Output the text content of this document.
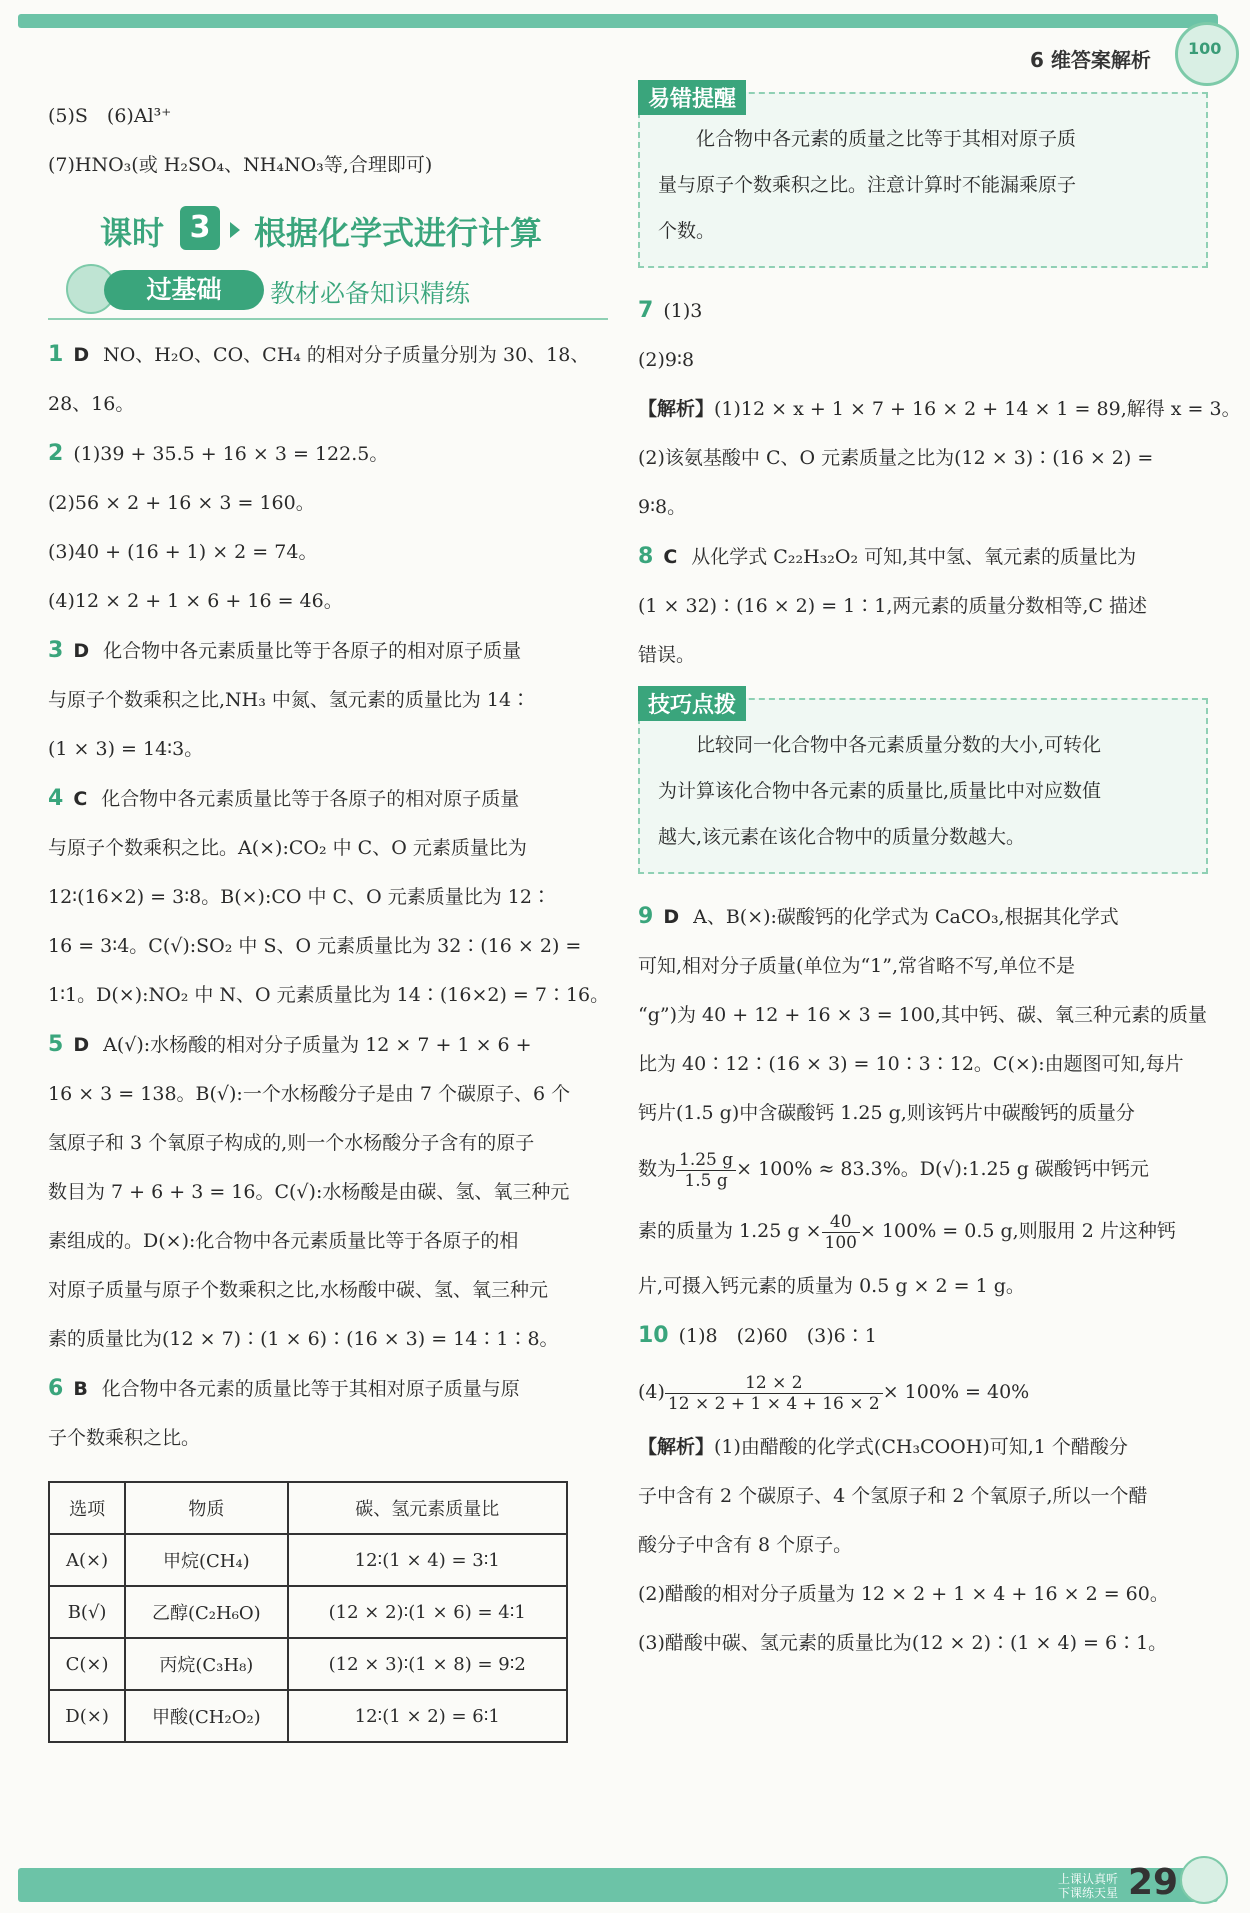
6 维答案解析 100

(5)S　(6)Al³⁺

(7)HNO₃(或 H₂SO₄、NH₄NO₃等,合理即可)

课时 3 根据化学式进行计算
过基础	教材必备知识精练

1 D NO、H₂O、CO、CH₄ 的相对分子质量分别为 30、18、

28、16。

2 (1)39 + 35.5 + 16 × 3 = 122.5。

(2)56 × 2 + 16 × 3 = 160。

(3)40 + (16 + 1) × 2 = 74。

(4)12 × 2 + 1 × 6 + 16 = 46。

3 D 化合物中各元素质量比等于各原子的相对原子质量

与原子个数乘积之比,NH₃ 中氮、氢元素的质量比为 14∶

(1 × 3) = 14∶3。

4 C 化合物中各元素质量比等于各原子的相对原子质量

与原子个数乘积之比。A(×):CO₂ 中 C、O 元素质量比为

12∶(16×2) = 3∶8。B(×):CO 中 C、O 元素质量比为 12∶

16 = 3∶4。C(√):SO₂ 中 S、O 元素质量比为 32∶(16 × 2) =

1∶1。D(×):NO₂ 中 N、O 元素质量比为 14∶(16×2) = 7∶16。

5 D A(√):水杨酸的相对分子质量为 12 × 7 + 1 × 6 +

16 × 3 = 138。B(√):一个水杨酸分子是由 7 个碳原子、6 个

氢原子和 3 个氧原子构成的,则一个水杨酸分子含有的原子

数目为 7 + 6 + 3 = 16。C(√):水杨酸是由碳、氢、氧三种元

素组成的。D(×):化合物中各元素质量比等于各原子的相

对原子质量与原子个数乘积之比,水杨酸中碳、氢、氧三种元

素的质量比为(12 × 7)∶(1 × 6)∶(16 × 3) = 14∶1∶8。

6 B 化合物中各元素的质量比等于其相对原子质量与原

子个数乘积之比。

选项	物质	碳、氢元素质量比
A(×)	甲烷(CH₄)	12∶(1 × 4) = 3∶1
B(√)	乙醇(C₂H₆O)	(12 × 2)∶(1 × 6) = 4∶1
C(×)	丙烷(C₃H₈)	(12 × 3)∶(1 × 8) = 9∶2
D(×)	甲酸(CH₂O₂)	12∶(1 × 2) = 6∶1
易错提醒

化合物中各元素的质量之比等于其相对原子质

量与原子个数乘积之比。注意计算时不能漏乘原子

个数。

7 (1)3

(2)9∶8

【解析】(1)12 × x + 1 × 7 + 16 × 2 + 14 × 1 = 89,解得 x = 3。

(2)该氨基酸中 C、O 元素质量之比为(12 × 3)∶(16 × 2) =

9∶8。

8 C 从化学式 C₂₂H₃₂O₂ 可知,其中氢、氧元素的质量比为

(1 × 32)∶(16 × 2) = 1∶1,两元素的质量分数相等,C 描述

错误。

技巧点拨

比较同一化合物中各元素质量分数的大小,可转化

为计算该化合物中各元素的质量比,质量比中对应数值

越大,该元素在该化合物中的质量分数越大。

9 D A、B(×):碳酸钙的化学式为 CaCO₃,根据其化学式

可知,相对分子质量(单位为“1”,常省略不写,单位不是

“g”)为 40 + 12 + 16 × 3 = 100,其中钙、碳、氧三种元素的质量

比为 40∶12∶(16 × 3) = 10∶3∶12。C(×):由题图可知,每片

钙片(1.5 g)中含碳酸钙 1.25 g,则该钙片中碳酸钙的质量分

数为 $\frac{1.25 g}{1.5 g} \times 100\% \approx 83.3\%$。D(√):1.25 g 碳酸钙中钙元

素的质量为 1.25 $g \times \frac{40}{100} \times 100\% = 0.5$ g,则服用 2 片这种钙

片,可摄入钙元素的质量为 0.5 g × 2 = 1 g。

10 (1)8　(2)60　(3)6∶1

$(4) \frac{12 \times 2}{12 \times 2 + 1 \times 4 + 16 \times 2} \times 100\% = 40\%$

【解析】(1)由醋酸的化学式(CH₃COOH)可知,1 个醋酸分

子中含有 2 个碳原子、4 个氢原子和 2 个氧原子,所以一个醋

酸分子中含有 8 个原子。

(2)醋酸的相对分子质量为 12 × 2 + 1 × 4 + 16 × 2 = 60。

(3)醋酸中碳、氢元素的质量比为(12 × 2)∶(1 × 4) = 6∶1。

上课认真听
下课练天星 29
